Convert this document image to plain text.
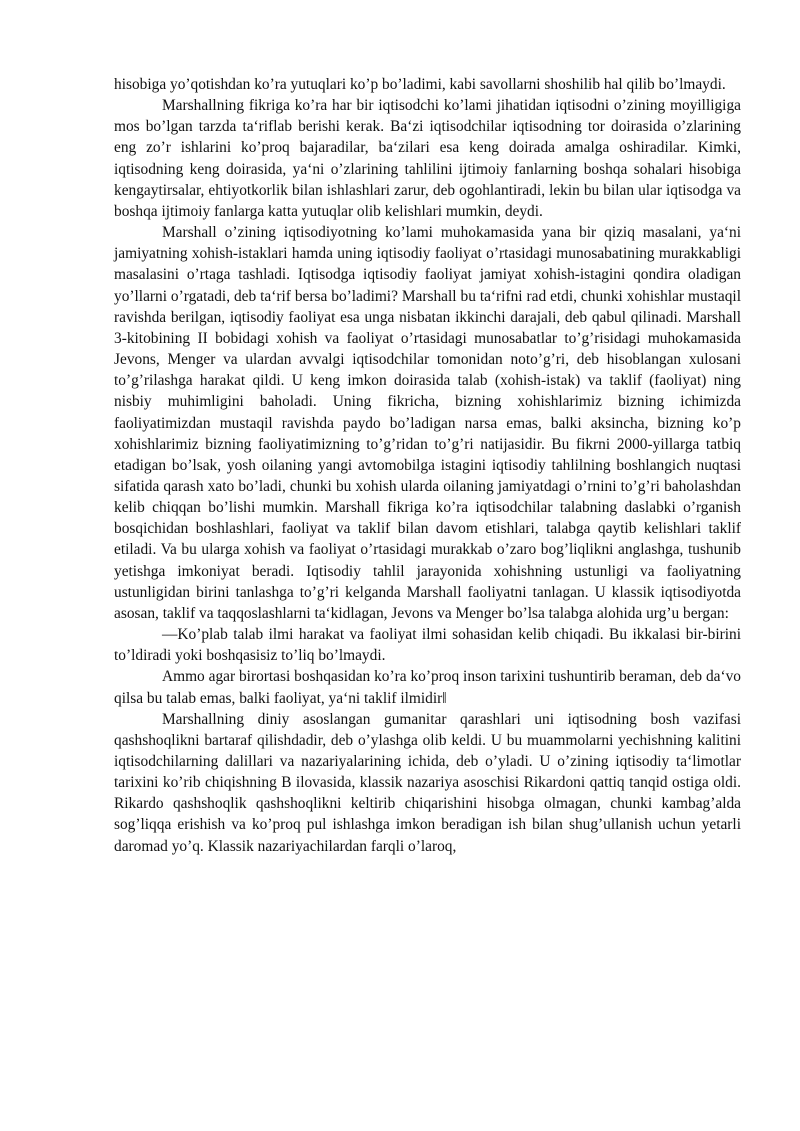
hisobiga yo’qotishdan ko’ra yutuqlari ko’p bo’ladimi, kabi savollarni shoshilib hal qilib bo’lmaydi.

Marshallning fikriga ko’ra har bir iqtisodchi ko’lami jihatidan iqtisodni o’zining moyilligiga mos bo’lgan tarzda ta‘riflab berishi kerak. Ba‘zi iqtisodchilar iqtisodning tor doirasida o’zlarining eng zo’r ishlarini ko’proq bajaradilar, ba‘zilari esa keng doirada amalga oshiradilar. Kimki, iqtisodning keng doirasida, ya‘ni o’zlarining tahlilini ijtimoiy fanlarning boshqa sohalari hisobiga kengaytirsalar, ehtiyotkorlik bilan ishlashlari zarur, deb ogohlantiradi, lekin bu bilan ular iqtisodga va boshqa ijtimoiy fanlarga katta yutuqlar olib kelishlari mumkin, deydi.

Marshall o’zining iqtisodiyotning ko’lami muhokamasida yana bir qiziq masalani, ya‘ni jamiyatning xohish-istaklari hamda uning iqtisodiy faoliyat o’rtasidagi munosabatining murakkabligi masalasini o’rtaga tashladi. Iqtisodga iqtisodiy faoliyat jamiyat xohish-istagini qondira oladigan yo’llarni o’rgatadi, deb ta‘rif bersa bo’ladimi? Marshall bu ta‘rifni rad etdi, chunki xohishlar mustaqil ravishda berilgan, iqtisodiy faoliyat esa unga nisbatan ikkinchi darajali, deb qabul qilinadi. Marshall 3-kitobining II bobidagi xohish va faoliyat o’rtasidagi munosabatlar to’g’risidagi muhokamasida Jevons, Menger va ulardan avvalgi iqtisodchilar tomonidan noto’g’ri, deb hisoblangan xulosani to’g’rilashga harakat qildi. U keng imkon doirasida talab (xohish-istak) va taklif (faoliyat) ning nisbiy muhimligini baholadi. Uning fikricha, bizning xohishlarimiz bizning ichimizda faoliyatimizdan mustaqil ravishda paydo bo’ladigan narsa emas, balki aksincha, bizning ko’p xohishlarimiz bizning faoliyatimizning to’g’ridan to’g’ri natijasidir. Bu fikrni 2000-yillarga tatbiq etadigan bo’lsak, yosh oilaning yangi avtomobilga istagini iqtisodiy tahlilning boshlangich nuqtasi sifatida qarash xato bo’ladi, chunki bu xohish ularda oilaning jamiyatdagi o’rnini to’g’ri baholashdan kelib chiqqan bo’lishi mumkin. Marshall fikriga ko’ra iqtisodchilar talabning daslabki o’rganish bosqichidan boshlashlari, faoliyat va taklif bilan davom etishlari, talabga qaytib kelishlari taklif etiladi. Va bu ularga xohish va faoliyat o’rtasidagi murakkab o’zaro bog’liqlikni anglashga, tushunib yetishga imkoniyat beradi. Iqtisodiy tahlil jarayonida xohishning ustunligi va faoliyatning ustunligidan birini tanlashga to’g’ri kelganda Marshall faoliyatni tanlagan. U klassik iqtisodiyotda asosan, taklif va taqqoslashlarni ta‘kidlagan, Jevons va Menger bo’lsa talabga alohida urg’u bergan:

―Ko’plab talab ilmi harakat va faoliyat ilmi sohasidan kelib chiqadi. Bu ikkalasi bir-birini to’ldiradi yoki boshqasisiz to’liq bo’lmaydi.

Ammo agar birortasi boshqasidan ko’ra ko’proq inson tarixini tushuntirib beraman, deb da‘vo qilsa bu talab emas, balki faoliyat, ya‘ni taklif ilmidir‖

Marshallning diniy asoslangan gumanitar qarashlari uni iqtisodning bosh vazifasi qashshoqlikni bartaraf qilishdadir, deb o’ylashga olib keldi. U bu muammolarni yechishning kalitini iqtisodchilarning dalillari va nazariyalarining ichida, deb o’yladi. U o’zining iqtisodiy ta‘limotlar tarixini ko’rib chiqishning B ilovasida, klassik nazariya asoschisi Rikardoni qattiq tanqid ostiga oldi. Rikardo qashshoqlik qashshoqlikni keltirib chiqarishini hisobga olmagan, chunki kambag’alda sog’liqqa erishish va ko’proq pul ishlashga imkon beradigan ish bilan shug’ullanish uchun yetarli daromad yo’q. Klassik nazariyachilardan farqli o’laroq,
